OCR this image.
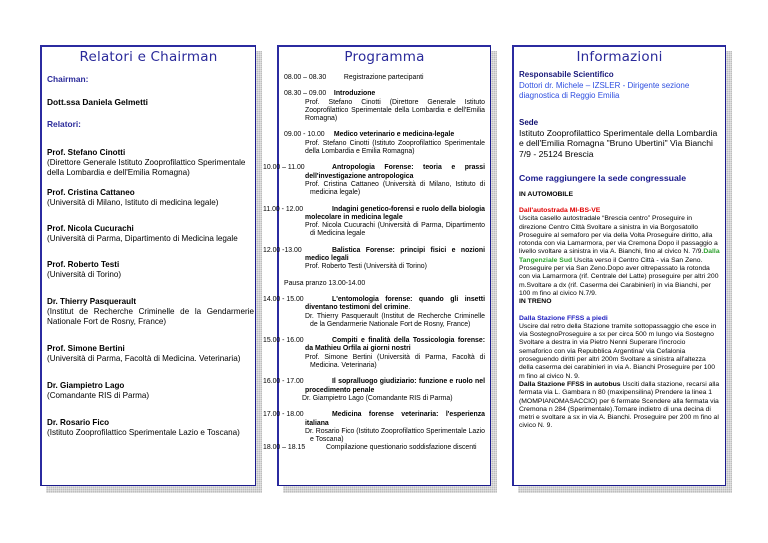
Relatori e Chairman
Chairman:
Dott.ssa Daniela Gelmetti
Relatori:
Prof. Stefano Cinotti
(Direttore Generale Istituto Zooprofilattico Sperimentale della Lombardia e dell'Emilia Romagna)
Prof. Cristina Cattaneo
(Università di Milano, Istituto di medicina legale)
Prof. Nicola Cucurachi
(Università di Parma, Dipartimento di Medicina legale
Prof. Roberto Testi
(Università di Torino)
Dr. Thierry Pasquerault
(Institut de Recherche Criminelle de la Gendarmerie Nationale Fort de Rosny, France)
Prof. Simone Bertini
(Università di Parma, Facoltà di Medicina. Veterinaria)
Dr. Giampietro Lago
(Comandante RIS di Parma)
Dr. Rosario Fico
(Istituto Zooprofilattico Sperimentale Lazio e Toscana)
Programma
08.00 – 08.30	Registrazione partecipanti
08.30 – 09.00 Introduzione
Prof. Stefano Cinotti (Direttore Generale Istituto Zooprofilattico Sperimentale della Lombardia e dell'Emilia Romagna)
09.00 - 10.00 Medico veterinario e medicina-legale
Prof. Stefano Cinotti (Istituto Zooprofilattico Sperimentale della Lombardia e Emilia Romagna)
10.00 – 11.00	Antropologia Forense: teoria e prassi dell'investigazione antropologica
Prof. Cristina Cattaneo (Università di Milano, Istituto di medicina legale)
11.00 - 12.00	Indagini genetico-forensi e ruolo della biologia molecolare in medicina legale
Prof. Nicola Cucurachi (Università di Parma, Dipartimento di Medicina legale
12.00 -13.00	Balistica Forense: principi fisici e nozioni medico legali
Prof. Roberto Testi (Università di Torino)
Pausa pranzo 13.00-14.00
14.00 - 15.00	L'entomologia forense: quando gli insetti diventano testimoni del crimine.
Dr. Thierry Pasquerault (Institut de Recherche Criminelle de la Gendarmerie Nationale Fort de Rosny, France)
15.00 - 16.00	Compiti e finalità della Tossicologia forense: da Mathieu Orfila ai giorni nostri
Prof. Simone Bertini (Università di Parma, Facoltà di Medicina. Veterinaria)
16.00 - 17.00	Il sopralluogo giudiziario: funzione e ruolo nel procedimento penale
Dr. Giampietro Lago (Comandante RIS di Parma)
17.00 - 18.00	Medicina forense veterinaria: l'esperienza italiana
Dr. Rosario Fico (Istituto Zooprofilattico Sperimentale Lazio e Toscana)
18.00 – 18.15	Compilazione questionario soddisfazione discenti
Informazioni
Responsabile Scientifico
Dottori dr. Michele – IZSLER - Dirigente sezione diagnostica di Reggio Emilia
Sede
Istituto Zooprofilattico Sperimentale della Lombardia e dell'Emilia Romagna "Bruno Ubertini" Via Bianchi 7/9 - 25124 Brescia
Come raggiungere la sede congressuale
IN AUTOMOBILE
Dall'autostrada MI-BS-VE
Uscita casello autostradale “Brescia centro” Proseguire in direzione Centro Città Svoltare a sinistra in via Borgosatollo Proseguire al semaforo per via della Volta Proseguire diritto, alla rotonda con via Lamarmora, per via Cremona Dopo il passaggio a livello svoltare a sinistra in via A. Bianchi, fino al civico N. 7/9.Dalla Tangenziale Sud Uscita verso il Centro Città - via San Zeno. Proseguire per via San Zeno.Dopo aver oltrepassato la rotonda con via Lamarmora (rif. Centrale del Latte) proseguire per altri 200 m.Svoltare a dx (rif. Caserma dei Carabinieri) in via Bianchi, per 100 m fino al civico N.7/9.
IN TRENO
Dalla Stazione FFSS a piedi
Uscire dal retro della Stazione tramite sottopassaggio che esce in via SostegnoProseguire a sx per circa 500 m lungo via Sostegno Svoltare a destra in via Pietro Nenni Superare l'incrocio semaforico con via Repubblica Argentina/ via Cefalonia proseguendo diritti per altri 200m Svoltare a sinistra all'altezza della caserma dei carabinieri in via A. Bianchi Proseguire per 100 m fino al civico N. 9.
Dalla Stazione FFSS in autobus Usciti dalla stazione, recarsi alla fermata via L. Gambara n 80 (maxipensilina) Prendere la linea 1 (MOMPIANOMASACCIO) per 6 fermate Scendere alla fermata via Cremona n 284 (Sperimentale).Tornare indietro di una decina di metri e svoltare a sx in via A. Bianchi. Proseguire per 200 m fino al civico N. 9.
